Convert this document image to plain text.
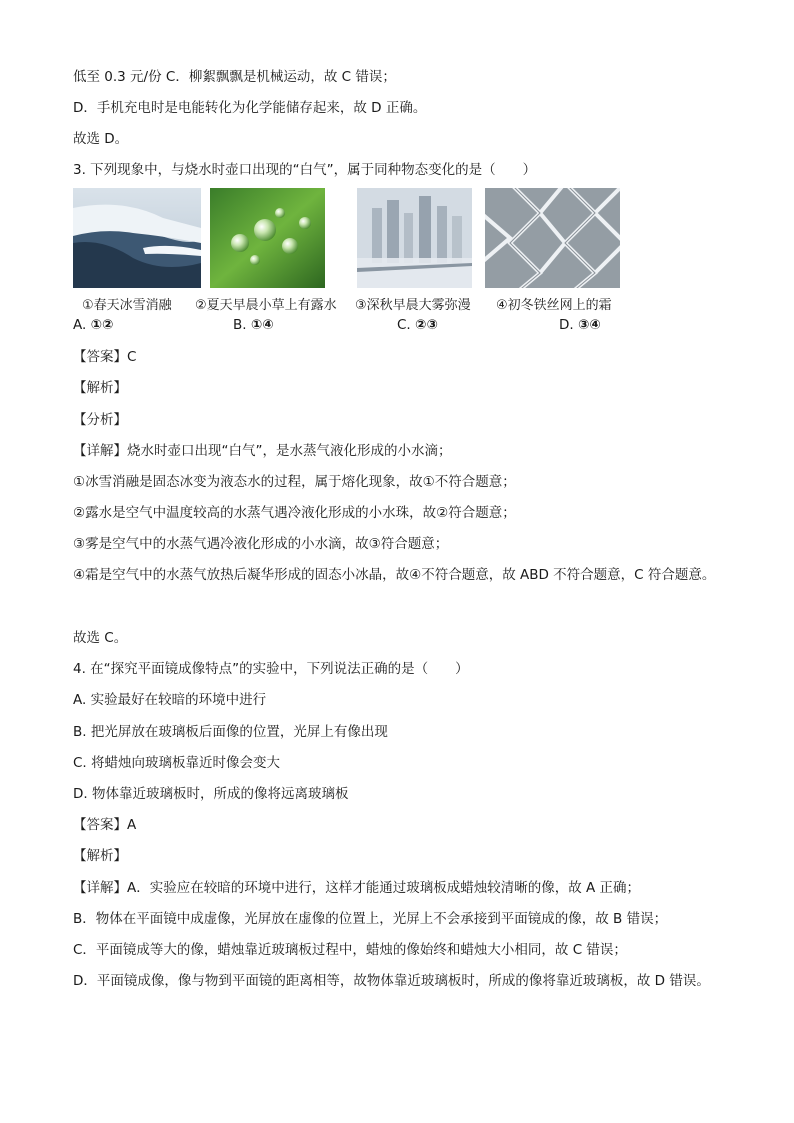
低至 0.3 元/份 C．柳絮飘飘是机械运动，故 C 错误；
D．手机充电时是电能转化为化学能储存起来，故 D 正确。
故选 D。
3. 下列现象中，与烧水时壶口出现的“白气”，属于同种物态变化的是（　　）
①春天冰雪消融 ②夏天早晨小草上有露水 ③深秋早晨大雾弥漫 ④初冬铁丝网上的霜
A. ①②	B. ①④	C. ②③	D. ③④
【答案】C
【解析】
【分析】
【详解】烧水时壶口出现“白气”，是水蒸气液化形成的小水滴；
①冰雪消融是固态冰变为液态水的过程，属于熔化现象，故①不符合题意；
②露水是空气中温度较高的水蒸气遇冷液化形成的小水珠，故②符合题意；
③雾是空气中的水蒸气遇冷液化形成的小水滴，故③符合题意；
④霜是空气中的水蒸气放热后凝华形成的固态小冰晶，故④不符合题意，故 ABD 不符合题意，C 符合题意。
故选 C。
4. 在“探究平面镜成像特点”的实验中，下列说法正确的是（　　）
A. 实验最好在较暗的环境中进行
B. 把光屏放在玻璃板后面像的位置，光屏上有像出现
C. 将蜡烛向玻璃板靠近时像会变大
D. 物体靠近玻璃板时，所成的像将远离玻璃板
【答案】A
【解析】
【详解】A．实验应在较暗的环境中进行，这样才能通过玻璃板成蜡烛较清晰的像，故 A 正确；
B．物体在平面镜中成虚像，光屏放在虚像的位置上，光屏上不会承接到平面镜成的像，故 B 错误；
C．平面镜成等大的像，蜡烛靠近玻璃板过程中，蜡烛的像始终和蜡烛大小相同，故 C 错误；
D．平面镜成像，像与物到平面镜的距离相等，故物体靠近玻璃板时，所成的像将靠近玻璃板，故 D 错误。
